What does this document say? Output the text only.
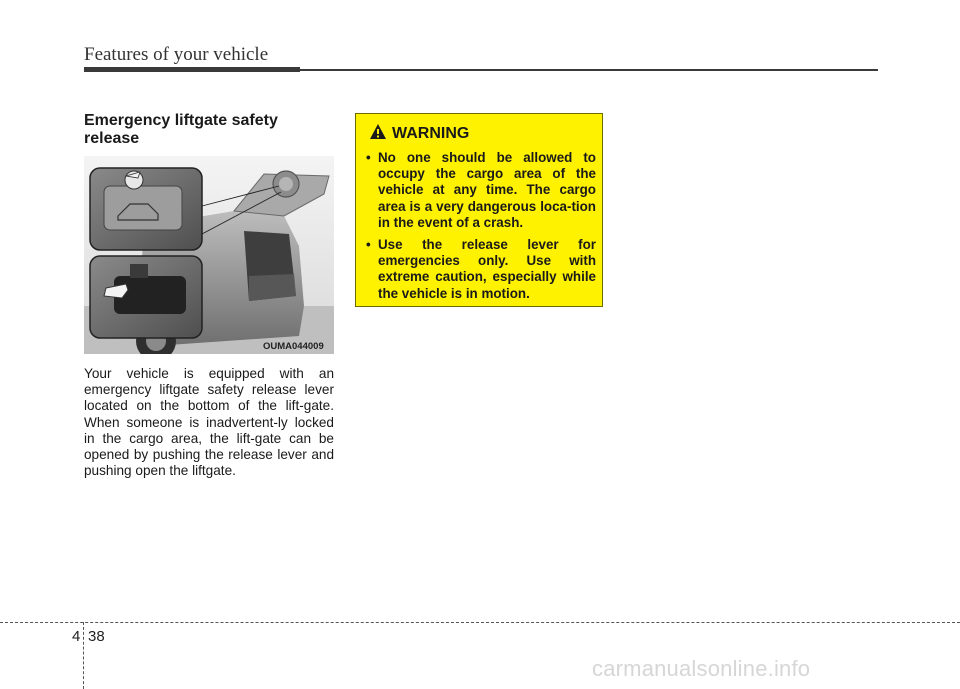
Features of your vehicle
Emergency liftgate safety release
OUMA044009
Your vehicle is equipped with an emergency liftgate safety release lever located on the bottom of the lift-gate. When someone is inadvertent-ly locked in the cargo area, the lift-gate can be opened by pushing the release lever and pushing open the liftgate.
WARNING
• No one should be allowed to occupy the cargo area of the vehicle at any time. The cargo area is a very dangerous loca-tion in the event of a crash.
• Use the release lever for emergencies only. Use with extreme caution, especially while the vehicle is in motion.
4 38
carmanualsonline.info
